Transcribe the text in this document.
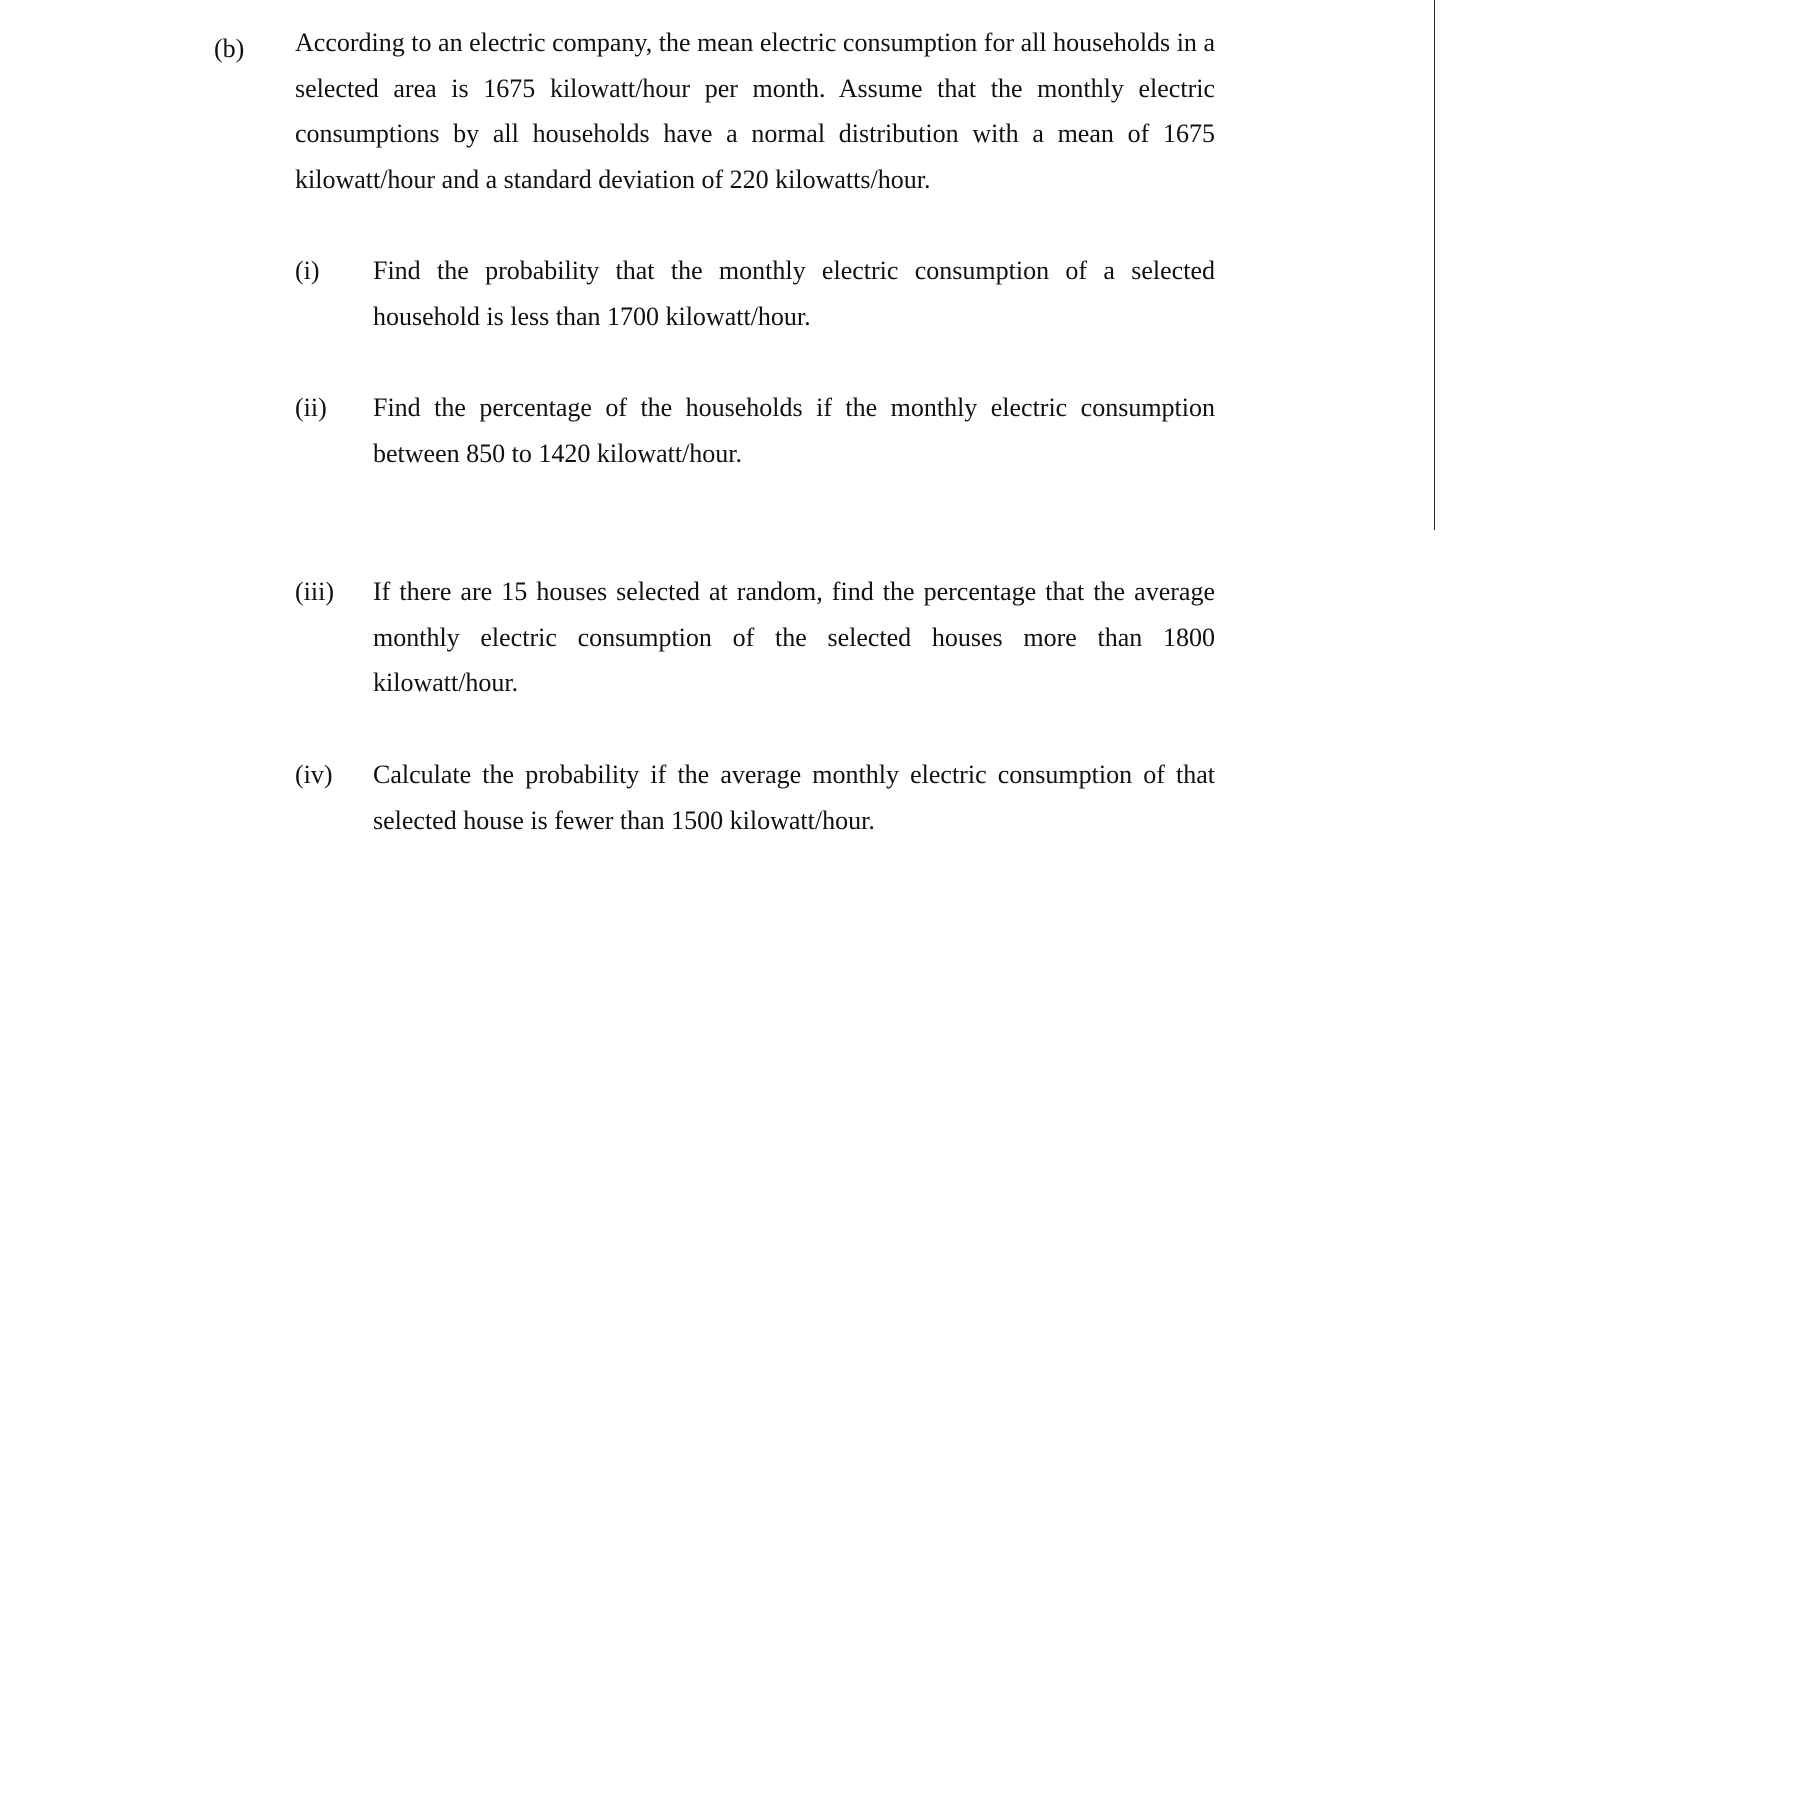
(b) According to an electric company, the mean electric consumption for all households in a selected area is 1675 kilowatt/hour per month. Assume that the monthly electric consumptions by all households have a normal distribution with a mean of 1675 kilowatt/hour and a standard deviation of 220 kilowatts/hour.
(i) Find the probability that the monthly electric consumption of a selected household is less than 1700 kilowatt/hour.
(ii) Find the percentage of the households if the monthly electric consumption between 850 to 1420 kilowatt/hour.
(iii) If there are 15 houses selected at random, find the percentage that the average monthly electric consumption of the selected houses more than 1800 kilowatt/hour.
(iv) Calculate the probability if the average monthly electric consumption of that selected house is fewer than 1500 kilowatt/hour.
